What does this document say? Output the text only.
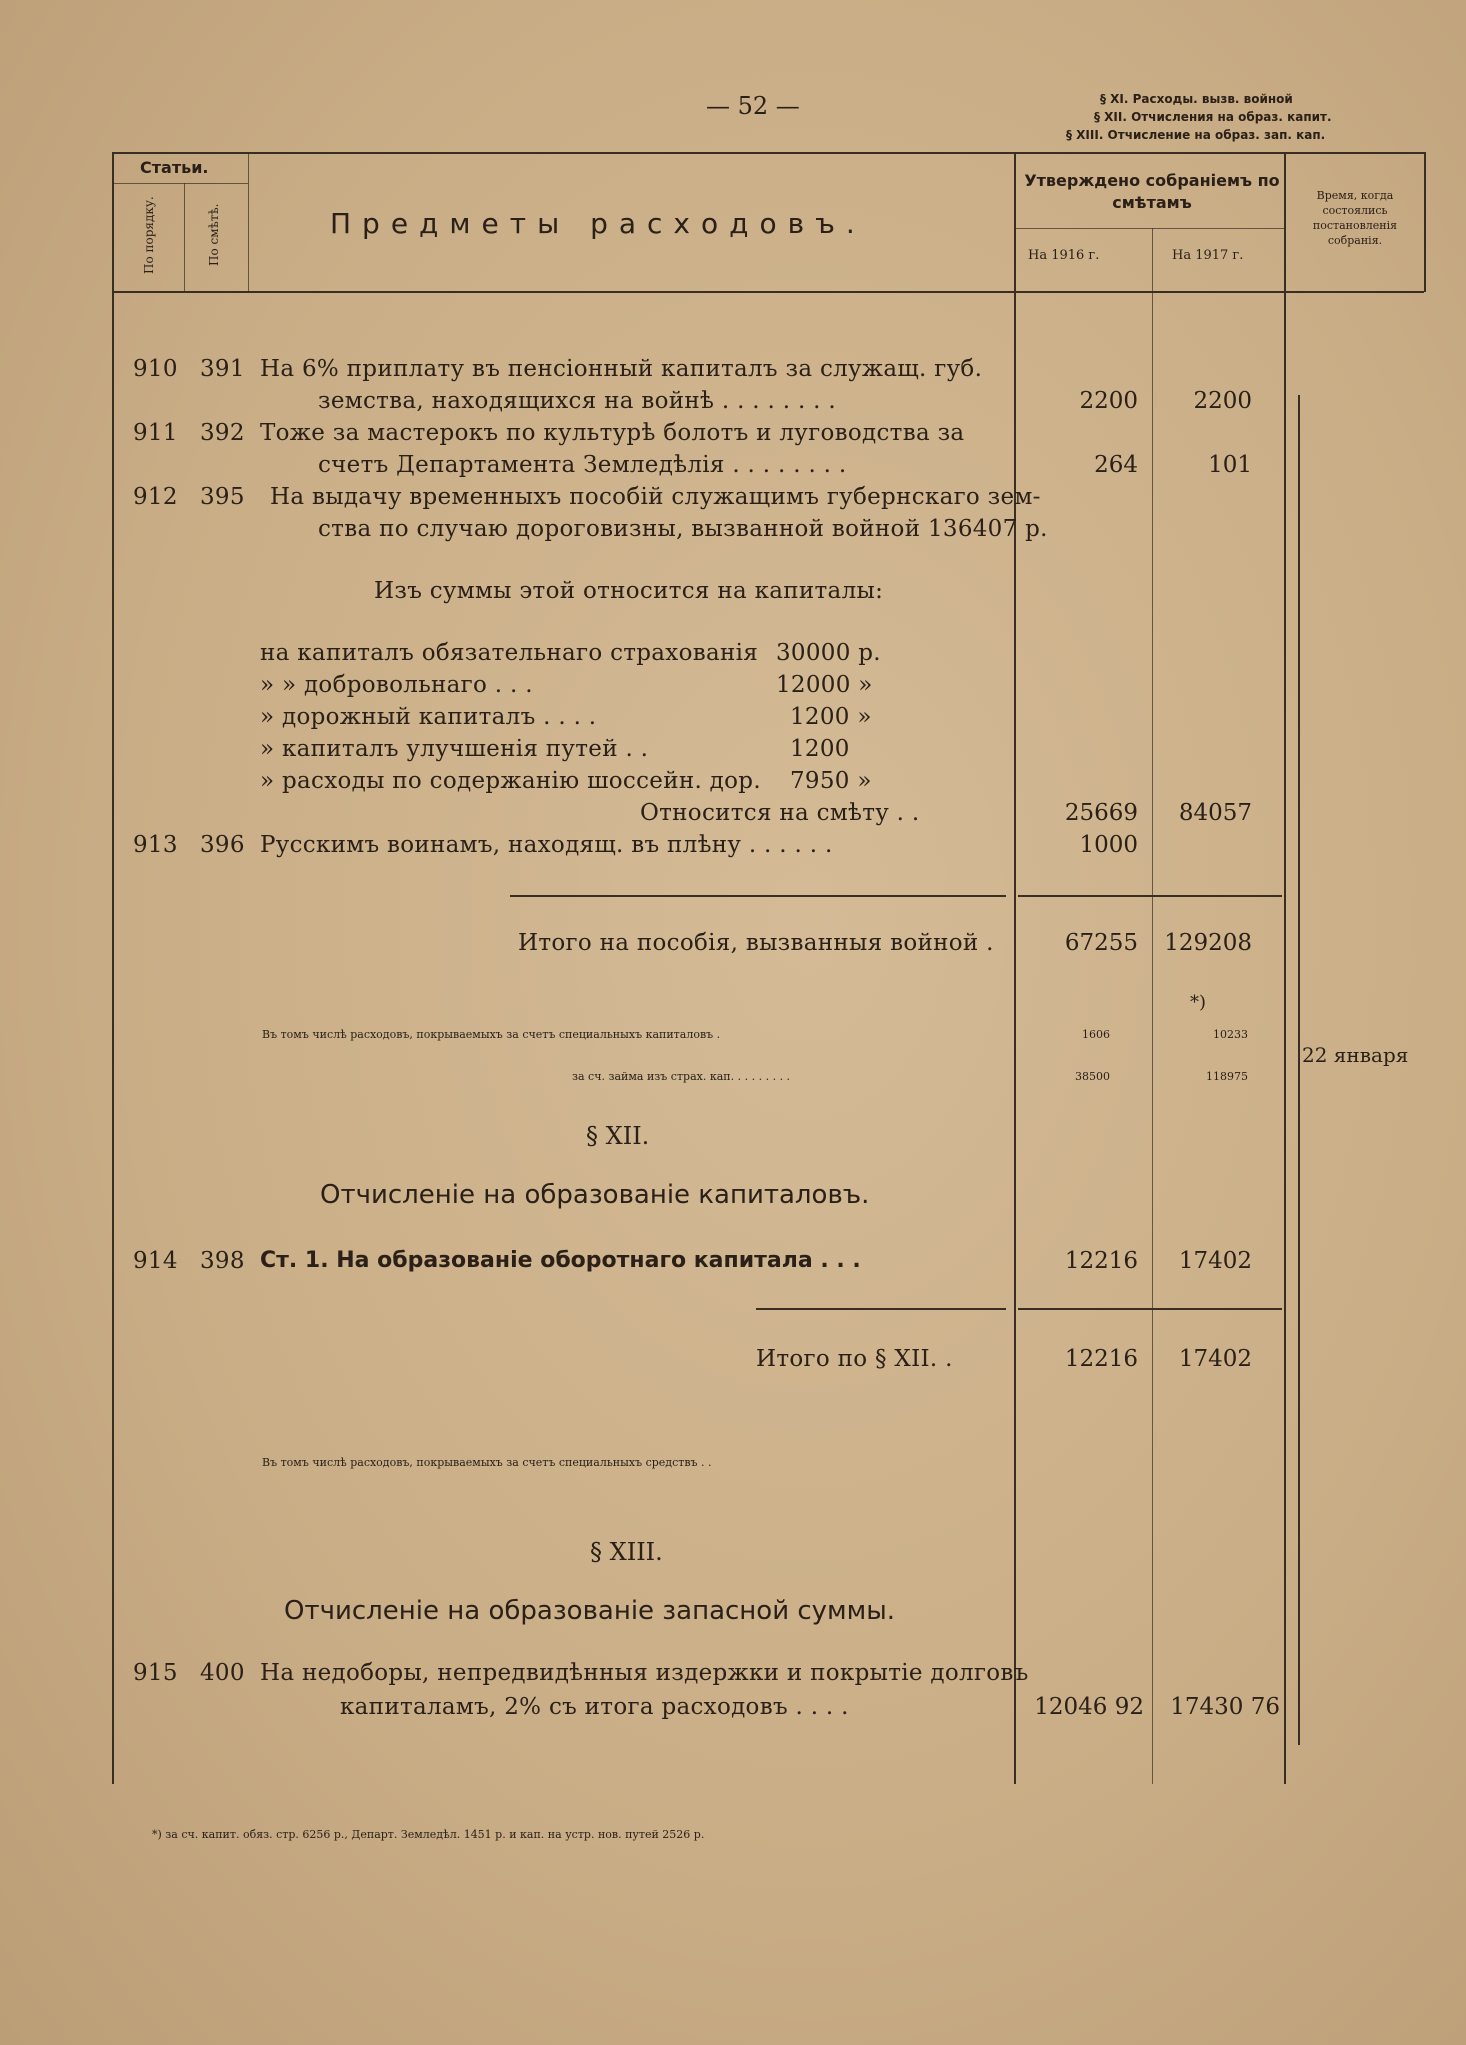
— 52 —	§ XI. Расходы. вызв. войной
§ XII. Отчисления на образ. капит.
§ XIII. Отчисление на образ. зап. кап.
Статьи.
По порядку.	По смѣтѣ.	Предметы расходовъ.
Утверждено собраніемъ по смѣтамъ
На 1916 г.	На 1917 г.
Время, когда состоялись постановленія собранія.
910 391 На 6% приплату въ пенсіонный капиталъ за служащ. губ.
земства, находящихся на войнѣ . . . . . . . .	2200	2200
911 392 Тоже за мастерокъ по культурѣ болотъ и луговодства за
счетъ Департамента Земледѣлія . . . . . . . .	264	101
912 395 На выдачу временныхъ пособій служащимъ губернскаго зем-
ства по случаю дороговизны, вызванной войной 136407 р.
Изъ суммы этой относится на капиталы:
на капиталъ обязательнаго страхованія 30000 р.
» » добровольнаго . . .	12000 »
» дорожный капиталъ . . . .	1200 »
» капиталъ улучшенія путей . .	1200
» расходы по содержанію шоссейн. дор. 7950 »
Относится на смѣту . .	25669	84057
913 396 Русскимъ воинамъ, находящ. въ плѣну . . . . . .	1000
Итого на пособія, вызванныя войной .	67255 129208
*)
Въ томъ числѣ расходовъ, покрываемыхъ за счетъ специальныхъ капиталовъ .	1606	10233
за сч. займа изъ страх. кап. . . . . . . . .	38500	118975
22 января
§ XII.
Отчисленіе на образованіе капиталовъ.
914 398 Ст. 1. На образованіе оборотнаго капитала . . .	12216	17402
Итого по § XII. .	12216	17402
Въ томъ числѣ расходовъ, покрываемыхъ за счетъ специальныхъ средствъ . .
§ XIII.
Отчисленіе на образованіе запасной суммы.
915 400 На недоборы, непредвидѣнныя издержки и покрытіе долговъ
капиталамъ, 2% съ итога расходовъ . . . .	12046 92	17430 76
*) за сч. капит. обяз. стр. 6256 р., Департ. Земледѣл. 1451 р. и кап. на устр. нов. путей 2526 р.
